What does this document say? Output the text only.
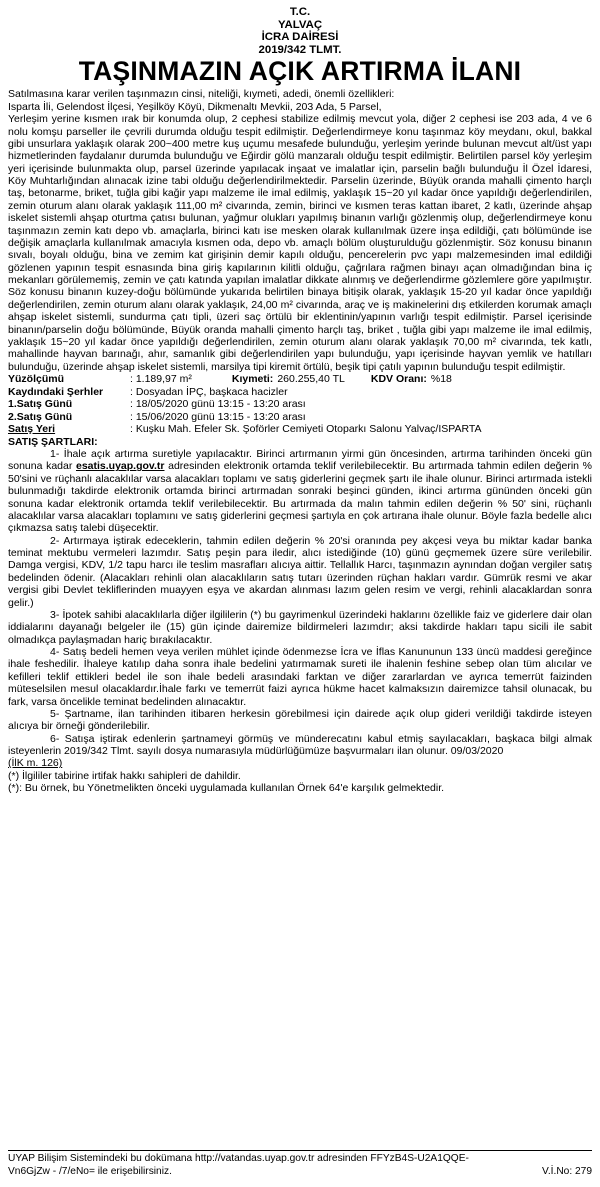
T.C.
YALVAÇ
İCRA DAİRESİ
2019/342 TLMT.
TAŞINMAZIN AÇIK ARTIRMA İLANI

Satılmasına karar verilen taşınmazın cinsi, niteliği, kıymeti, adedi, önemli özellikleri:

Isparta İli, Gelendost İlçesi, Yeşilköy Köyü, Dikmenaltı Mevkii, 203 Ada, 5 Parsel,

Yerleşim yerine kısmen ırak bir konumda olup, 2 cephesi stabilize edilmiş mevcut yola, diğer 2 cephesi ise 203 ada, 4 ve 6 nolu komşu parseller ile çevrili durumda olduğu tespit edilmiştir. Değerlendirmeye konu taşınmaz köy meydanı, okul, bakkal gibi unsurlara yaklaşık olarak 200~400 metre kuş uçumu mesafede bulunduğu, yerleşim yerinde bulunan mevcut alt/üst yapı hizmetlerinden faydalanır durumda bulunduğu ve Eğirdir gölü manzaralı olduğu tespit edilmiştir. Belirtilen parsel köy yerleşim yeri içerisinde bulunmakta olup, parsel üzerinde yapılacak inşaat ve imalatlar için, parselin bağlı bulunduğu İl Özel İdaresi, Köy Muhtarlığından alınacak izine tabi olduğu değerlendirilmektedir. Parselin üzerinde, Büyük oranda mahalli çimento harçlı taş, betonarme, briket, tuğla gibi kağir yapı malzeme ile imal edilmiş, yaklaşık 15~20 yıl kadar önce yapıldığı değerlendirilen, zemin oturum alanı olarak yaklaşık 111,00 m² civarında, zemin, birinci ve kısmen teras kattan ibaret, 2 katlı, üzerinde ahşap iskelet sistemli ahşap oturtma çatısı bulunan, yağmur olukları yapılmış binanın varlığı gözlenmiş olup, değerlendirmeye konu taşınmazın zemin katı depo vb. amaçlarla, birinci katı ise mesken olarak kullanılmak üzere inşa edildiği, çatı bölümünde ise değişik amaçlarla kullanılmak amacıyla kısmen oda, depo vb. amaçlı bölüm oluşturulduğu gözlenmiştir. Söz konusu binanın sıvalı, boyalı olduğu, bina ve zemim kat girişinin demir kapılı olduğu, pencerelerin pvc yapı malzemesinden imal edildiği gözlenen yapının tespit esnasında bina giriş kapılarının kilitli olduğu, çağrılara rağmen binayı açan olmadığından bina iç mekanları görülememiş, zemin ve çatı katında yapılan imalatlar dikkate alınmış ve değerlendirme gözlemlere göre yapılmıştır. Söz konusu binanın kuzey-doğu bölümünde yukarıda belirtilen binaya bitişik olarak, yaklaşık 15-20 yıl kadar önce yapıldığı değerlendirilen, zemin oturum alanı olarak yaklaşık, 24,00 m² civarında, araç ve iş makinelerini dış etkilerden korumak amaçlı ahşap iskelet sistemli, sundurma çatı tipli, üzeri saç örtülü bir eklentinin/yapının varlığı tespit edilmiştir. Parsel içerisinde binanın/parselin doğu bölümünde, Büyük oranda mahalli çimento harçlı taş, briket , tuğla gibi yapı malzeme ile imal edilmiş, yaklaşık 15~20 yıl kadar önce yapıldığı değerlendirilen, zemin oturum alanı olarak yaklaşık 70,00 m² civarında, tek katlı, mahallinde hayvan barınağı, ahır, samanlık gibi değerlendirilen yapı bulunduğu, yapı içerisinde hayvan yemlik ve hatılları bulunduğu, üzerinde ahşap iskelet sistemli, marsilya tipi kiremit örtülü, beşik tipi çatılı yapının bulunduğu tespit edilmiştir.

Yüzölçümü	: 1.189,97 m²	Kıymeti: 260.255,40 TL KDV Oranı: %18
Kaydındaki Şerhler	: Dosyadan İPÇ, başkaca hacizler
1.Satış Günü	: 18/05/2020 günü 13:15 - 13:20 arası
2.Satış Günü	: 15/06/2020 günü 13:15 - 13:20 arası
Satış Yeri	: Kuşku Mah. Efeler Sk. Şoförler Cemiyeti Otoparkı Salonu Yalvaç/ISPARTA
SATIŞ ŞARTLARI:

1- İhale açık artırma suretiyle yapılacaktır. Birinci artırmanın yirmi gün öncesinden, artırma tarihinden önceki gün sonuna kadar esatis.uyap.gov.tr adresinden elektronik ortamda teklif verilebilecektir. Bu artırmada tahmin edilen değerin % 50'sini ve rüçhanlı alacaklılar varsa alacakları toplamı ve satış giderlerini geçmek şartı ile ihale olunur. Birinci artırmada istekli bulunmadığı takdirde elektronik ortamda birinci artırmadan sonraki beşinci günden, ikinci artırma gününden önceki gün sonuna kadar elektronik ortamda teklif verilebilecektir. Bu artırmada da malın tahmin edilen değerin % 50' sini, rüçhanlı alacaklılar varsa alacakları toplamını ve satış giderlerini geçmesi şartıyla en çok artırana ihale olunur. Böyle fazla bedelle alıcı çıkmazsa satış talebi düşecektir.

2- Artırmaya iştirak edeceklerin, tahmin edilen değerin % 20'si oranında pey akçesi veya bu miktar kadar banka teminat mektubu vermeleri lazımdır. Satış peşin para iledir, alıcı istediğinde (10) günü geçmemek üzere süre verilebilir. Damga vergisi, KDV, 1/2 tapu harcı ile teslim masrafları alıcıya aittir. Tellallık Harcı, taşınmazın aynından doğan vergiler satış bedelinden ödenir. (Alacakları rehinli olan alacaklıların satış tutarı üzerinden rüçhan hakları vardır. Gümrük resmi ve akar vergisi gibi Devlet tekliflerinden muayyen eşya ve akardan alınması lazım gelen resim ve vergi, rehinli alacaklardan sonra gelir.)

3- İpotek sahibi alacaklılarla diğer ilgililerin (*) bu gayrimenkul üzerindeki haklarını özellikle faiz ve giderlere dair olan iddialarını dayanağı belgeler ile (15) gün içinde dairemize bildirmeleri lazımdır; aksi takdirde hakları tapu sicili ile sabit olmadıkça paylaşmadan hariç bırakılacaktır.

4- Satış bedeli hemen veya verilen mühlet içinde ödenmezse İcra ve İflas Kanununun 133 üncü maddesi gereğince ihale feshedilir. İhaleye katılıp daha sonra ihale bedelini yatırmamak sureti ile ihalenin feshine sebep olan tüm alıcılar ve kefilleri teklif ettikleri bedel ile son ihale bedeli arasındaki farktan ve diğer zararlardan ve ayrıca temerrüt faizinden müteselsilen mesul olacaklardır.İhale farkı ve temerrüt faizi ayrıca hükme hacet kalmaksızın dairemizce tahsil olunacak, bu fark, varsa öncelikle teminat bedelinden alınacaktır.

5- Şartname, ilan tarihinden itibaren herkesin görebilmesi için dairede açık olup gideri verildiği takdirde isteyen alıcıya bir örneği gönderilebilir.

6- Satışa iştirak edenlerin şartnameyi görmüş ve münderecatını kabul etmiş sayılacakları, başkaca bilgi almak isteyenlerin 2019/342 Tlmt. sayılı dosya numarasıyla müdürlüğümüze başvurmaları ilan olunur. 09/03/2020

(İlK m. 126)
(*) İlgililer tabirine irtifak hakkı sahipleri de dahildir.
(*): Bu örnek, bu Yönetmelikten önceki uygulamada kullanılan Örnek 64'e karşılık gelmektedir.
UYAP Bilişim Sistemindeki bu dokümana http://vatandas.uyap.gov.tr adresinden FFYzB4S-U2A1QQE-
Vn6GjZw - /7/eNo= ile erişebilirsiniz.	V.İ.No: 279
